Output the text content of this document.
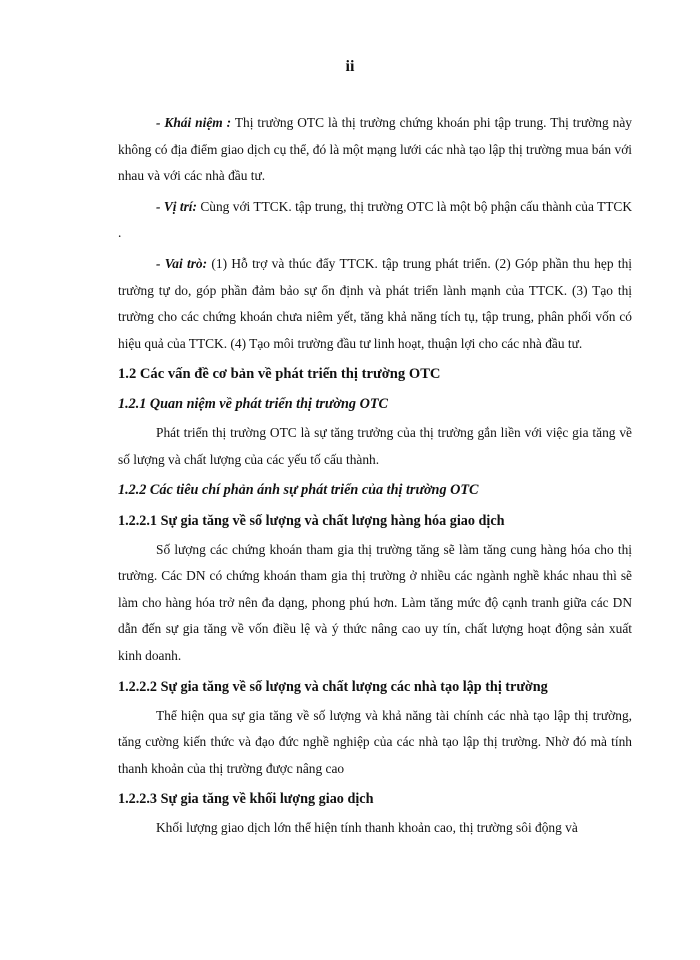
ii

- Khái niệm : Thị trường OTC là thị trường chứng khoán phi tập trung. Thị trường này không có địa điểm giao dịch cụ thể, đó là một mạng lưới các nhà tạo lập thị trường mua bán với nhau và với các nhà đầu tư.

- Vị trí: Cùng với TTCK. tập trung, thị trường OTC là một bộ phận cấu thành của TTCK .

- Vai trò: (1) Hỗ trợ và thúc đẩy TTCK. tập trung phát triển. (2) Góp phần thu hẹp thị trường tự do, góp phần đảm bảo sự ổn định và phát triển lành mạnh của TTCK. (3) Tạo thị trường cho các chứng khoán chưa niêm yết, tăng khả năng tích tụ, tập trung, phân phối vốn có hiệu quả của TTCK. (4) Tạo môi trường đầu tư linh hoạt, thuận lợi cho các nhà đầu tư.

1.2 Các vấn đề cơ bản về phát triển thị trường OTC
1.2.1 Quan niệm về phát triển thị trường OTC

Phát triển thị trường OTC là sự tăng trưởng của thị trường gắn liền với việc gia tăng về số lượng và chất lượng của các yếu tố cấu thành.

1.2.2 Các tiêu chí phản ánh sự phát triển của thị trường OTC
1.2.2.1 Sự gia tăng về số lượng và chất lượng hàng hóa giao dịch

Số lượng các chứng khoán tham gia thị trường tăng sẽ làm tăng cung hàng hóa cho thị trường. Các DN có chứng khoán tham gia thị trường ở nhiều các ngành nghề khác nhau thì sẽ làm cho hàng hóa trở nên đa dạng, phong phú hơn. Làm tăng mức độ cạnh tranh giữa các DN dẫn đến sự gia tăng về vốn điều lệ và ý thức nâng cao uy tín, chất lượng hoạt động sản xuất kinh doanh.

1.2.2.2 Sự gia tăng về số lượng và chất lượng các nhà tạo lập thị trường

Thể hiện qua sự gia tăng về số lượng và khả năng tài chính các nhà tạo lập thị trường, tăng cường kiến thức và đạo đức nghề nghiệp của các nhà tạo lập thị trường. Nhờ đó mà tính thanh khoản của thị trường được nâng cao

1.2.2.3 Sự gia tăng về khối lượng giao dịch

Khối lượng giao dịch lớn thể hiện tính thanh khoản cao, thị trường sôi động và
